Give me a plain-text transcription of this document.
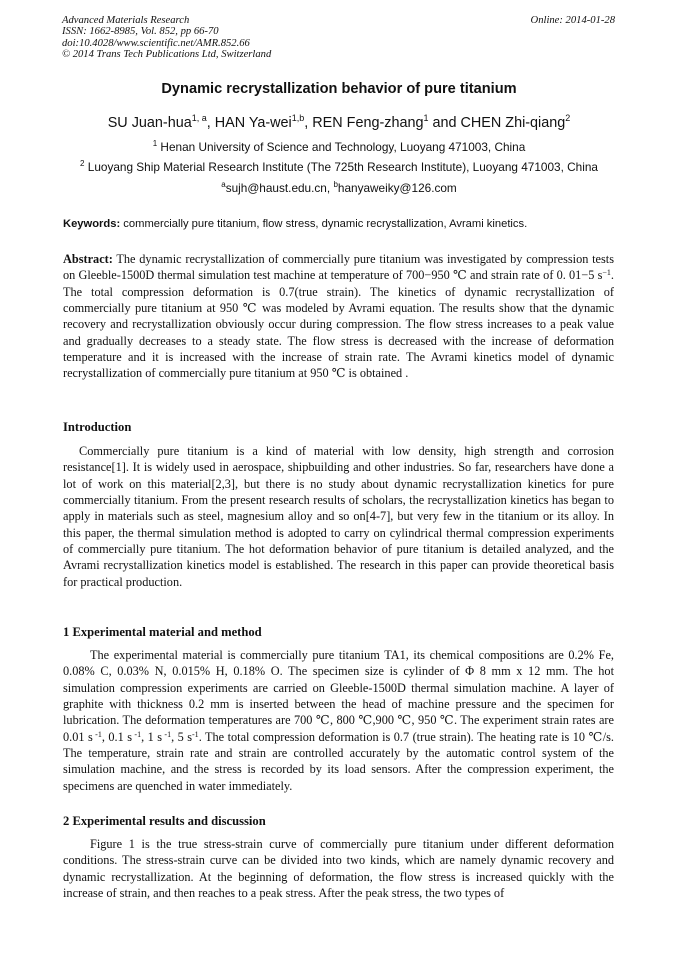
Advanced Materials Research
ISSN: 1662-8985, Vol. 852, pp 66-70
doi:10.4028/www.scientific.net/AMR.852.66
© 2014 Trans Tech Publications Ltd, Switzerland
Online: 2014-01-28
Dynamic recrystallization behavior of pure titanium
SU Juan-hua$^{1, a}$, HAN Ya-wei$^{1,b}$, REN Feng-zhang$^1$ and CHEN Zhi-qiang$^2$
$^1$ Henan University of Science and Technology, Luoyang 471003, China
$^2$ Luoyang Ship Material Research Institute (The 725th Research Institute), Luoyang 471003, China
$^a$sujh@haust.edu.cn, $^b$hanyaweiky@126.com
Keywords: commercially pure titanium, flow stress, dynamic recrystallization, Avrami kinetics.

Abstract: The dynamic recrystallization of commercially pure titanium was investigated by compression tests on Gleeble-1500D thermal simulation test machine at temperature of 700−950 ℃ and strain rate of 0. 01−5 $s^{-1}$. The total compression deformation is 0.7(true strain). The kinetics of dynamic recrystallization of commercially pure titanium at 950 ℃ was modeled by Avrami equation. The results show that the dynamic recovery and recrystallization obviously occur during compression. The flow stress increases to a peak value and gradually decreases to a steady state. The flow stress is decreased with the increase of deformation temperature and it is increased with the increase of strain rate. The Avrami kinetics model of dynamic recrystallization of commercially pure titanium at 950 ℃ is obtained .

Introduction

Commercially pure titanium is a kind of material with low density, high strength and corrosion resistance[1]. It is widely used in aerospace, shipbuilding and other industries. So far, researchers have done a lot of work on this material[2,3], but there is no study about dynamic recrystallization kinetics for pure commercially titanium. From the present research results of scholars, the recrystallization kinetics has began to apply in materials such as steel, magnesium alloy and so on[4-7], but very few in the titanium or its alloy. In this paper, the thermal simulation method is adopted to carry on cylindrical thermal compression experiments of commercially pure titanium. The hot deformation behavior of pure titanium is detailed analyzed, and the Avrami recrystallization kinetics model is established. The research in this paper can provide theoretical basis for practical production.

1 Experimental material and method

The experimental material is commercially pure titanium TA1, its chemical compositions are 0.2% Fe, 0.08% C, 0.03% N, 0.015% H, 0.18% O. The specimen size is cylinder of Φ 8 mm x 12 mm. The hot simulation compression experiments are carried on Gleeble-1500D thermal simulation machine. A layer of graphite with thickness 0.2 mm is inserted between the head of machine pressure and the specimen for lubrication. The deformation temperatures are 700 ℃, 800 ℃,900 ℃, 950 ℃. The experiment strain rates are 0.01 s $^{-1}$, 0.1 s $^{-1}$, 1 s $^{-1}$, 5 $s^{-1}$. The total compression deformation is 0.7 (true strain). The heating rate is 10 ℃/s. The temperature, strain rate and strain are controlled accurately by the automatic control system of the simulation machine, and the stress is recorded by its load sensors. After the compression experiment, the specimens are quenched in water immediately.

2 Experimental results and discussion

Figure 1 is the true stress-strain curve of commercially pure titanium under different deformation conditions. The stress-strain curve can be divided into two kinds, which are namely dynamic recovery and dynamic recrystallization. At the beginning of deformation, the flow stress is increased quickly with the increase of strain, and then reaches to a peak stress. After the peak stress, the two types of
